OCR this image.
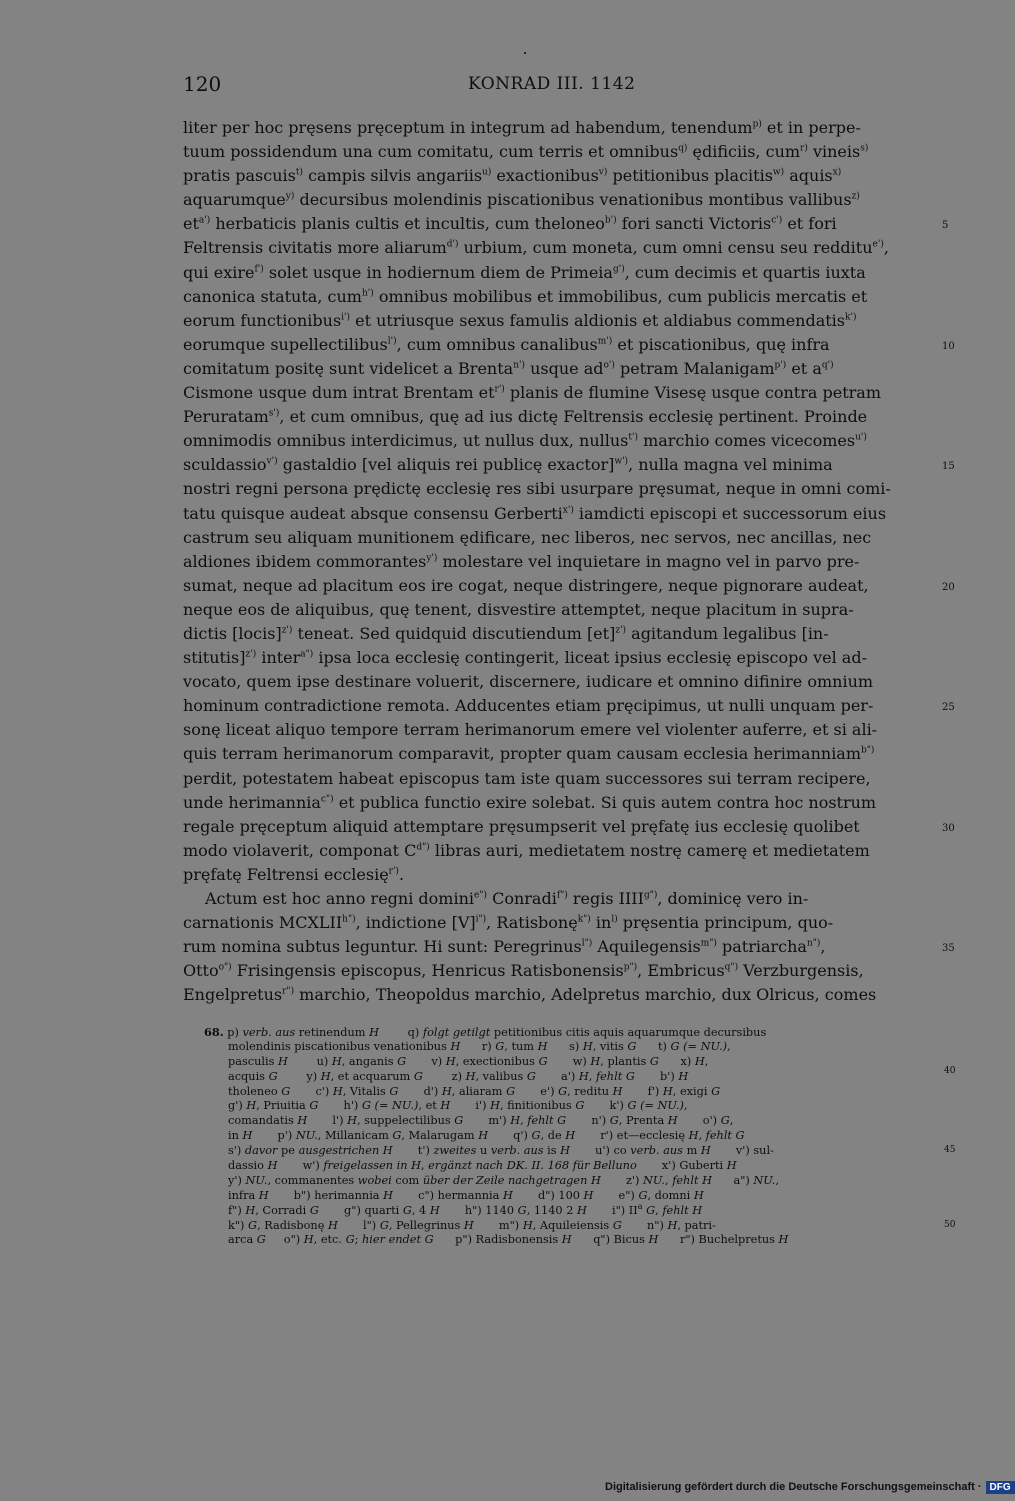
120	KONRAD III. 1142
liter per hoc pręsens pręceptum in integrum ad habendum, tenendum$^{p)}$ et in perpe-
tuum possidendum una cum comitatu, cum terris et omnibus$^{q)}$ ędificiis, cum$^{r)}$ vineis$^{s)}$
pratis pascuis$^{t)}$ campis silvis angariis$^{u)}$ exactionibus$^{v)}$ petitionibus placitis$^{w)}$ aquis$^{x)}$
aquarumque$^{y)}$ decursibus molendinis piscationibus venationibus montibus vallibus$^{z)}$
$et^{a')}$ herbaticis planis cultis et incultis, cum theloneo$^{b')}$ fori sancti Victoris$^{c')}$ et fori
Feltrensis civitatis more aliarum$^{d')}$ urbium, cum moneta, cum omni censu seu redditu$^{e')}$,
qui exire$^{f')}$ solet usque in hodiernum diem de Primeia$^{g')}$, cum decimis et quartis iuxta
canonica statuta, cum$^{h')}$ omnibus mobilibus et immobilibus, cum publicis mercatis et
eorum functionibus$^{i')}$ et utriusque sexus famulis aldionis et aldiabus commendatis$^{k')}$
eorumque supellectilibus$^{l')}$, cum omnibus canalibus$^{m')}$ et piscationibus, quę infra
comitatum positę sunt videlicet a Brenta$^{n')}$ usque $ad^{o')}$ petram Malanigam$^{p')}$ et $a^{q')}$
Cismone usque dum intrat Brentam $et^{r')}$ planis de flumine Visesę usque contra petram
Peruratam$^{s')}$, et cum omnibus, quę ad ius dictę Feltrensis ecclesię pertinent. Proinde
omnimodis omnibus interdicimus, ut nullus dux, nullus$^{t')}$ marchio comes vicecomes$^{u')}$
sculdassio$^{v')}$ gastaldio [vel aliquis rei publicę exactor]$^{w')}$, nulla magna vel minima
nostri regni persona prędictę ecclesię res sibi usurpare pręsumat, neque in omni comi-
tatu quisque audeat absque consensu Gerberti$^{x')}$ iamdicti episcopi et successorum eius
castrum seu aliquam munitionem ędificare, nec liberos, nec servos, nec ancillas, nec
aldiones ibidem commorantes$^{y')}$ molestare vel inquietare in magno vel in parvo pre-
sumat, neque ad placitum eos ire cogat, neque distringere, neque pignorare audeat,
neque eos de aliquibus, quę tenent, disvestire attemptet, neque placitum in supra-
dictis [locis]$^{z')}$ teneat. Sed quidquid discutiendum [et]$^{z')}$ agitandum legalibus [in-
stitutis]$^{z')}$ inter$^{a")}$ ipsa loca ecclesię contingerit, liceat ipsius ecclesię episcopo vel ad-
vocato, quem ipse destinare voluerit, discernere, iudicare et omnino difinire omnium
hominum contradictione remota. Adducentes etiam pręcipimus, ut nulli unquam per-
sonę liceat aliquo tempore terram herimanorum emere vel violenter auferre, et si ali-
quis terram herimanorum comparavit, propter quam causam ecclesia herimanniam$^{b")}$
perdit, potestatem habeat episcopus tam iste quam successores sui terram recipere,
unde herimannia$^{c")}$ et publica functio exire solebat. Si quis autem contra hoc nostrum
regale pręceptum aliquid attemptare pręsumpserit vel pręfatę ius ecclesię quolibet
modo violaverit, componat $C^{d")}$ libras auri, medietatem nostrę camerę et medietatem
pręfatę Feltrensi ecclesię$^{r')}$.
Actum est hoc anno regni domini$^{e")}$ Conradi$^{f")}$ regis $IIII^{g")}$, dominicę vero in-
carnationis $MCXLII^{h")}$, indictione $[V]^{i")}$, Ratisbonę$^{k")}$ $in^{l)}$ pręsentia principum, quo-
rum nomina subtus leguntur. Hi sunt: Peregrinus$^{l")}$ Aquilegensis$^{m")}$ patriarcha$^{n")}$,
Otto$^{o")}$ Frisingensis episcopus, Henricus Ratisbonensis$^{p")}$, Embricus$^{q")}$ Verzburgensis,
Engelpretus$^{r")}$ marchio, Theopoldus marchio, Adelpretus marchio, dux Olricus, comes
5
10
15
20
25
30
35
68. p) verb. aus retinendum H        q) folgt getilgt petitionibus citis aquis aquarumque decursibus
molendinis piscationibus venationibus H      r) G, tum H      s) H, vitis G      t) G (= NU.),
pasculis H        u) H, anganis G       v) H, exectionibus G       w) H, plantis G      x) H,
acquis G        y) H, et acquarum G        z) H, valibus G       a') H, fehlt G       b') H
tholeneo G       c') H, Vitalis G       d') H, aliaram G       e') G, reditu H       f') H, exigi G
g') H, Priuitia G       h') G (= NU.), et H       i') H, finitionibus G       k') G (= NU.),
comandatis H       l') H, suppelectilibus G       m') H, fehlt G       n') G, Prenta H       o') G,
in H       p') NU., Millanicam G, Malarugam H       q') G, de H       r') et—ecclesię H, fehlt G
s') davor pe ausgestrichen H       t') zweites u verb. aus is H       u') co verb. aus m H       v') sul-
dassio H       w') freigelassen in H, ergänzt nach DK. II. 168 für Belluno       x') Guberti H
y') NU., commanentes wobei com über der Zeile nachgetragen H       z') NU., fehlt H      a") NU.,
infra H       b") herimannia H       c") hermannia H       d") 100 H       e") G, domni H
f") H, Corradi G       g") quarti G, 4 H       h") 1140 G, 1140 2 H       i") $II^a$ G, fehlt H
k") G, Radisbonę H       l") G, Pellegrinus H       m") H, Aquileiensis G       n") H, patri-
arca G     o") H, etc. G; hier endet G      p") Radisbonensis H      q") Bicus H      r") Buchelpretus H
40
45
50
Digitalisierung gefördert durch die Deutsche Forschungsgemeinschaft · DFG
